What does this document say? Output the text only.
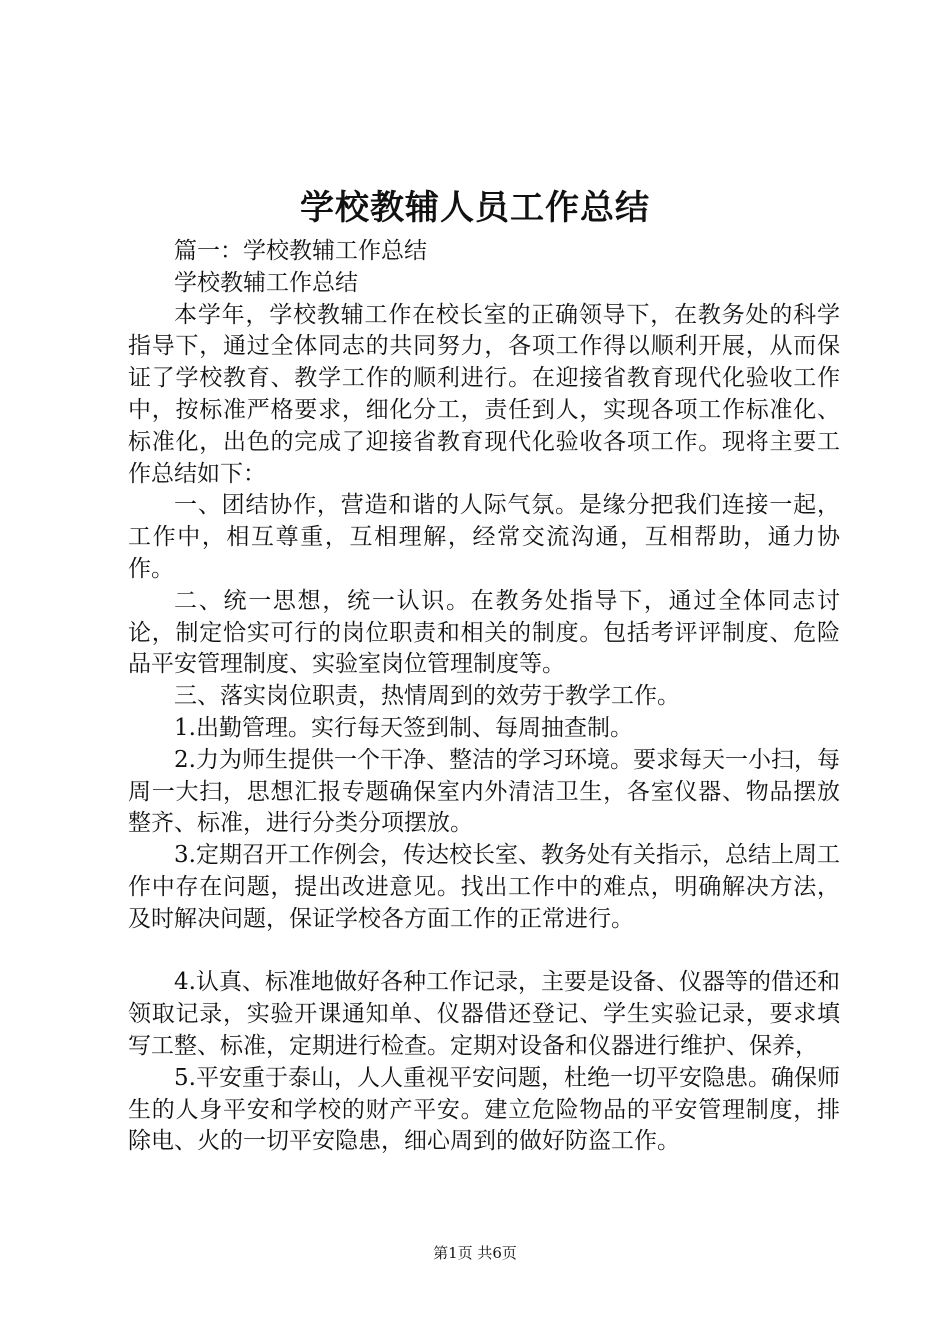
学校教辅人员工作总结

篇一：学校教辅工作总结

学校教辅工作总结

本学年，学校教辅工作在校长室的正确领导下，在教务处的科学指导下，通过全体同志的共同努力，各项工作得以顺利开展，从而保证了学校教育、教学工作的顺利进行。在迎接省教育现代化验收工作中，按标准严格要求，细化分工，责任到人，实现各项工作标准化、标准化，出色的完成了迎接省教育现代化验收各项工作。现将主要工作总结如下：

一、团结协作，营造和谐的人际气氛。是缘分把我们连接一起，工作中，相互尊重，互相理解，经常交流沟通，互相帮助，通力协作。

二、统一思想，统一认识。在教务处指导下，通过全体同志讨论，制定恰实可行的岗位职责和相关的制度。包括考评评制度、危险品平安管理制度、实验室岗位管理制度等。

三、落实岗位职责，热情周到的效劳于教学工作。

1.出勤管理。实行每天签到制、每周抽查制。

2.力为师生提供一个干净、整洁的学习环境。要求每天一小扫，每周一大扫，思想汇报专题确保室内外清洁卫生，各室仪器、物品摆放整齐、标准，进行分类分项摆放。

3.定期召开工作例会，传达校长室、教务处有关指示，总结上周工作中存在问题，提出改进意见。找出工作中的难点，明确解决方法，及时解决问题，保证学校各方面工作的正常进行。

4.认真、标准地做好各种工作记录，主要是设备、仪器等的借还和领取记录，实验开课通知单、仪器借还登记、学生实验记录，要求填写工整、标准，定期进行检查。定期对设备和仪器进行维护、保养，

5.平安重于泰山，人人重视平安问题，杜绝一切平安隐患。确保师生的人身平安和学校的财产平安。建立危险物品的平安管理制度，排除电、火的一切平安隐患，细心周到的做好防盗工作。

第1页 共6页
